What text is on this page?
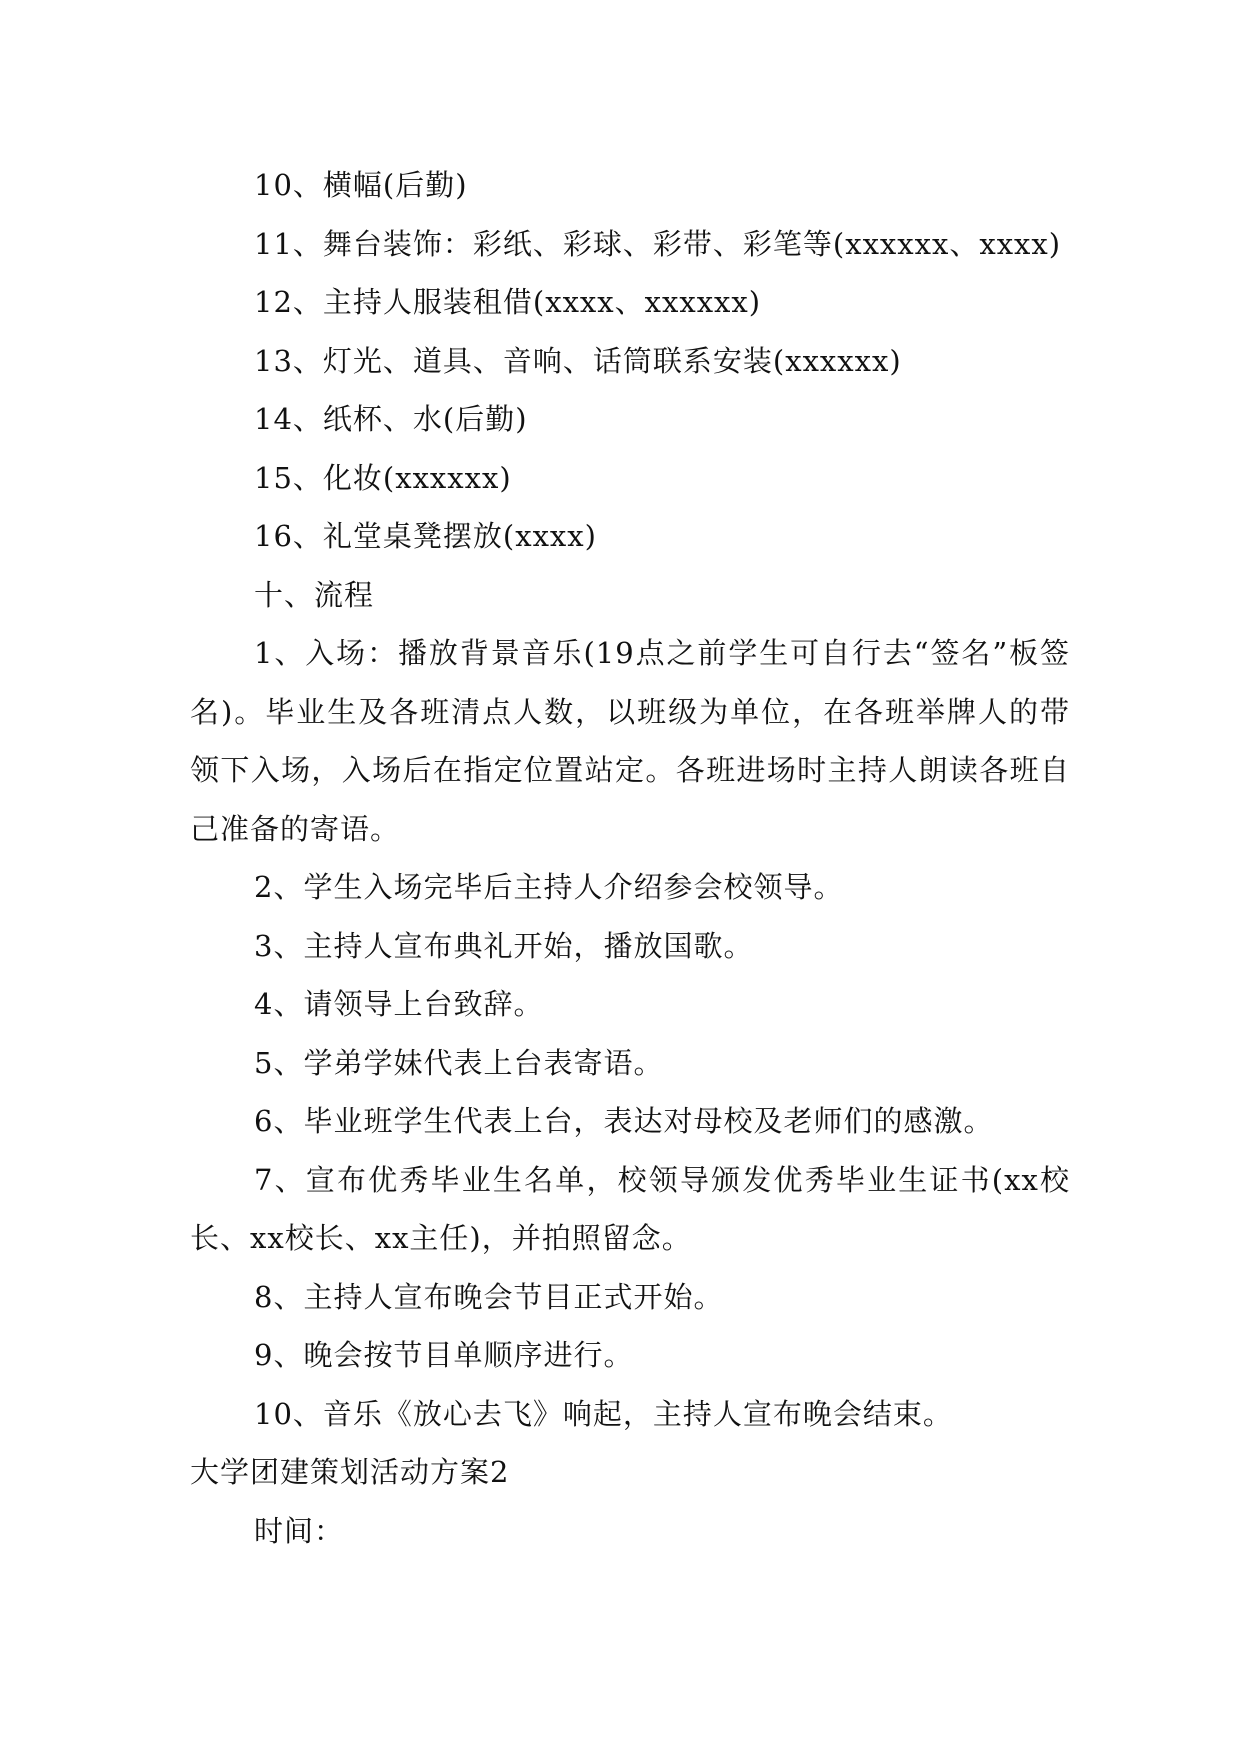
10、横幅(后勤)

11、舞台装饰：彩纸、彩球、彩带、彩笔等(xxxxxx、xxxx)

12、主持人服装租借(xxxx、xxxxxx)

13、灯光、道具、音响、话筒联系安装(xxxxxx)

14、纸杯、水(后勤)

15、化妆(xxxxxx)

16、礼堂桌凳摆放(xxxx)

十、流程

1、入场：播放背景音乐(19点之前学生可自行去“签名”板签名)。毕业生及各班清点人数，以班级为单位，在各班举牌人的带领下入场，入场后在指定位置站定。各班进场时主持人朗读各班自己准备的寄语。

2、学生入场完毕后主持人介绍参会校领导。

3、主持人宣布典礼开始，播放国歌。

4、请领导上台致辞。

5、学弟学妹代表上台表寄语。

6、毕业班学生代表上台，表达对母校及老师们的感激。

7、宣布优秀毕业生名单，校领导颁发优秀毕业生证书(xx校长、xx校长、xx主任)，并拍照留念。

8、主持人宣布晚会节目正式开始。

9、晚会按节目单顺序进行。

10、音乐《放心去飞》响起，主持人宣布晚会结束。

大学团建策划活动方案2

时间：
